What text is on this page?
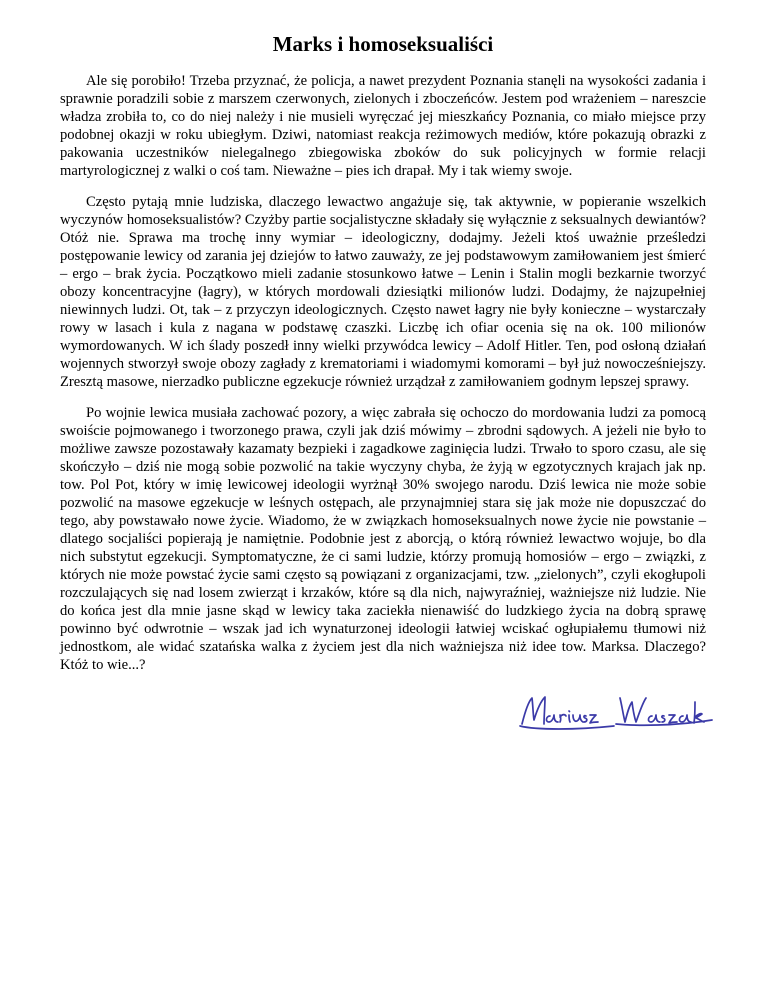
Marks i homoseksualiści

Ale się porobiło! Trzeba przyznać, że policja, a nawet prezydent Poznania stanęli na wysokości zadania i sprawnie poradzili sobie z marszem czerwonych, zielonych i zboczeńców. Jestem pod wrażeniem – nareszcie władza zrobiła to, co do niej należy i nie musieli wyręczać jej mieszkańcy Poznania, co miało miejsce przy podobnej okazji w roku ubiegłym. Dziwi, natomiast reakcja reżimowych mediów, które pokazują obrazki z pakowania uczestników nielegalnego zbiegowiska zboków do suk policyjnych w formie relacji martyrologicznej z walki o coś tam. Nieważne – pies ich drapał. My i tak wiemy swoje.

Często pytają mnie ludziska, dlaczego lewactwo angażuje się, tak aktywnie, w popieranie wszelkich wyczynów homoseksualistów? Czyżby partie socjalistyczne składały się wyłącznie z seksualnych dewiantów? Otóż nie. Sprawa ma trochę inny wymiar – ideologiczny, dodajmy. Jeżeli ktoś uważnie prześledzi postępowanie lewicy od zarania jej dziejów to łatwo zauważy, ze jej podstawowym zamiłowaniem jest śmierć – ergo – brak życia. Początkowo mieli zadanie stosunkowo łatwe – Lenin i Stalin mogli bezkarnie tworzyć obozy koncentracyjne (łagry), w których mordowali dziesiątki milionów ludzi. Dodajmy, że najzupełniej niewinnych ludzi. Ot, tak – z przyczyn ideologicznych. Często nawet łagry nie były konieczne – wystarczały rowy w lasach i kula z nagana w podstawę czaszki. Liczbę ich ofiar ocenia się na ok. 100 milionów wymordowanych. W ich ślady poszedł inny wielki przywódca lewicy – Adolf Hitler. Ten, pod osłoną działań wojennych stworzył swoje obozy zagłady z krematoriami i wiadomymi komorami – był już nowocześniejszy. Zresztą masowe, nierzadko publiczne egzekucje również urządzał z zamiłowaniem godnym lepszej sprawy.

Po wojnie lewica musiała zachować pozory, a więc zabrała się ochoczo do mordowania ludzi za pomocą swoiście pojmowanego i tworzonego prawa, czyli jak dziś mówimy – zbrodni sądowych. A jeżeli nie było to możliwe zawsze pozostawały kazamaty bezpieki i zagadkowe zaginięcia ludzi. Trwało to sporo czasu, ale się skończyło – dziś nie mogą sobie pozwolić na takie wyczyny chyba, że żyją w egzotycznych krajach jak np. tow. Pol Pot, który w imię lewicowej ideologii wyrżnął 30% swojego narodu. Dziś lewica nie może sobie pozwolić na masowe egzekucje w leśnych ostępach, ale przynajmniej stara się jak może nie dopuszczać do tego, aby powstawało nowe życie. Wiadomo, że w związkach homoseksualnych nowe życie nie powstanie – dlatego socjaliści popierają je namiętnie. Podobnie jest z aborcją, o którą również lewactwo wojuje, bo dla nich substytut egzekucji. Symptomatyczne, że ci sami ludzie, którzy promują homosiów – ergo – związki, z których nie może powstać życie sami często są powiązani z organizacjami, tzw. „zielonych”, czyli ekogłupoli rozczulających się nad losem zwierząt i krzaków, które są dla nich, najwyraźniej, ważniejsze niż ludzie. Nie do końca jest dla mnie jasne skąd w lewicy taka zaciekła nienawiść do ludzkiego życia na dobrą sprawę powinno być odwrotnie – wszak jad ich wynaturzonej ideologii łatwiej wciskać ogłupiałemu tłumowi niż jednostkom, ale widać szatańska walka z życiem jest dla nich ważniejsza niż idee tow. Marksa. Dlaczego? Któż to wie...?
